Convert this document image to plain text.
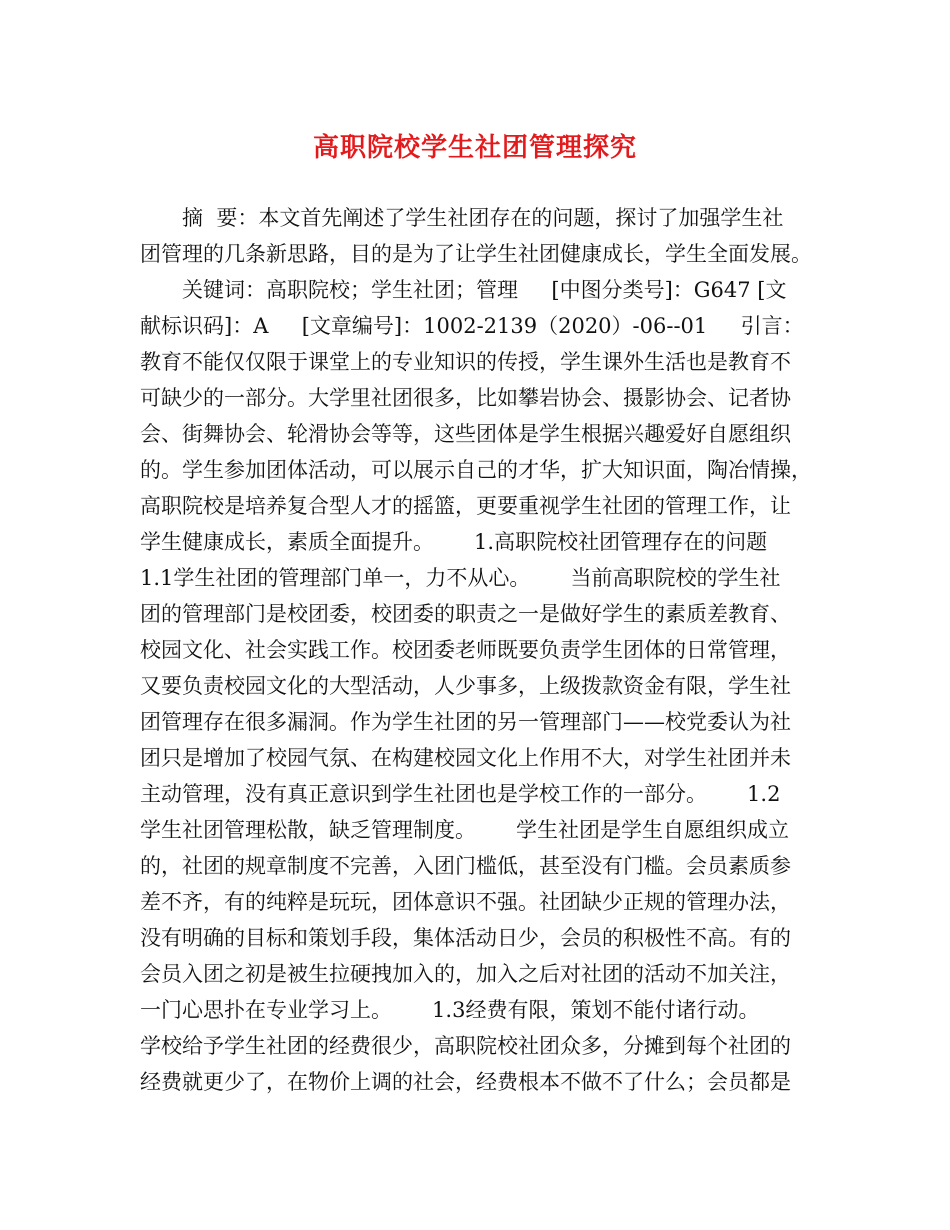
高职院校学生社团管理探究
　　摘  要：本文首先阐述了学生社团存在的问题，探讨了加强学生社
团管理的几条新思路，目的是为了让学生社团健康成长，学生全面发展。
　　关键词：高职院校；学生社团；管理     [中图分类号]：G647 [文
献标识码]：A     [文章编号]：1002-2139（2020）-06--01     引言：
教育不能仅仅限于课堂上的专业知识的传授，学生课外生活也是教育不
可缺少的一部分。大学里社团很多，比如攀岩协会、摄影协会、记者协
会、街舞协会、轮滑协会等等，这些团体是学生根据兴趣爱好自愿组织
的。学生参加团体活动，可以展示自己的才华，扩大知识面，陶冶情操，
高职院校是培养复合型人才的摇篮，更要重视学生社团的管理工作，让
学生健康成长，素质全面提升。      1.高职院校社团管理存在的问题
1.1学生社团的管理部门单一，力不从心。      当前高职院校的学生社
团的管理部门是校团委，校团委的职责之一是做好学生的素质差教育、
校园文化、社会实践工作。校团委老师既要负责学生团体的日常管理，
又要负责校园文化的大型活动，人少事多，上级拨款资金有限，学生社
团管理存在很多漏洞。作为学生社团的另一管理部门——校党委认为社
团只是增加了校园气氛、在构建校园文化上作用不大，对学生社团并未
主动管理，没有真正意识到学生社团也是学校工作的一部分。      1.2
学生社团管理松散，缺乏管理制度。      学生社团是学生自愿组织成立
的，社团的规章制度不完善，入团门槛低，甚至没有门槛。会员素质参
差不齐，有的纯粹是玩玩，团体意识不强。社团缺少正规的管理办法，
没有明确的目标和策划手段，集体活动日少，会员的积极性不高。有的
会员入团之初是被生拉硬拽加入的，加入之后对社团的活动不加关注，
一门心思扑在专业学习上。      1.3经费有限，策划不能付诸行动。
学校给予学生社团的经费很少，高职院校社团众多，分摊到每个社团的
经费就更少了，在物价上调的社会，经费根本不做不了什么；会员都是
